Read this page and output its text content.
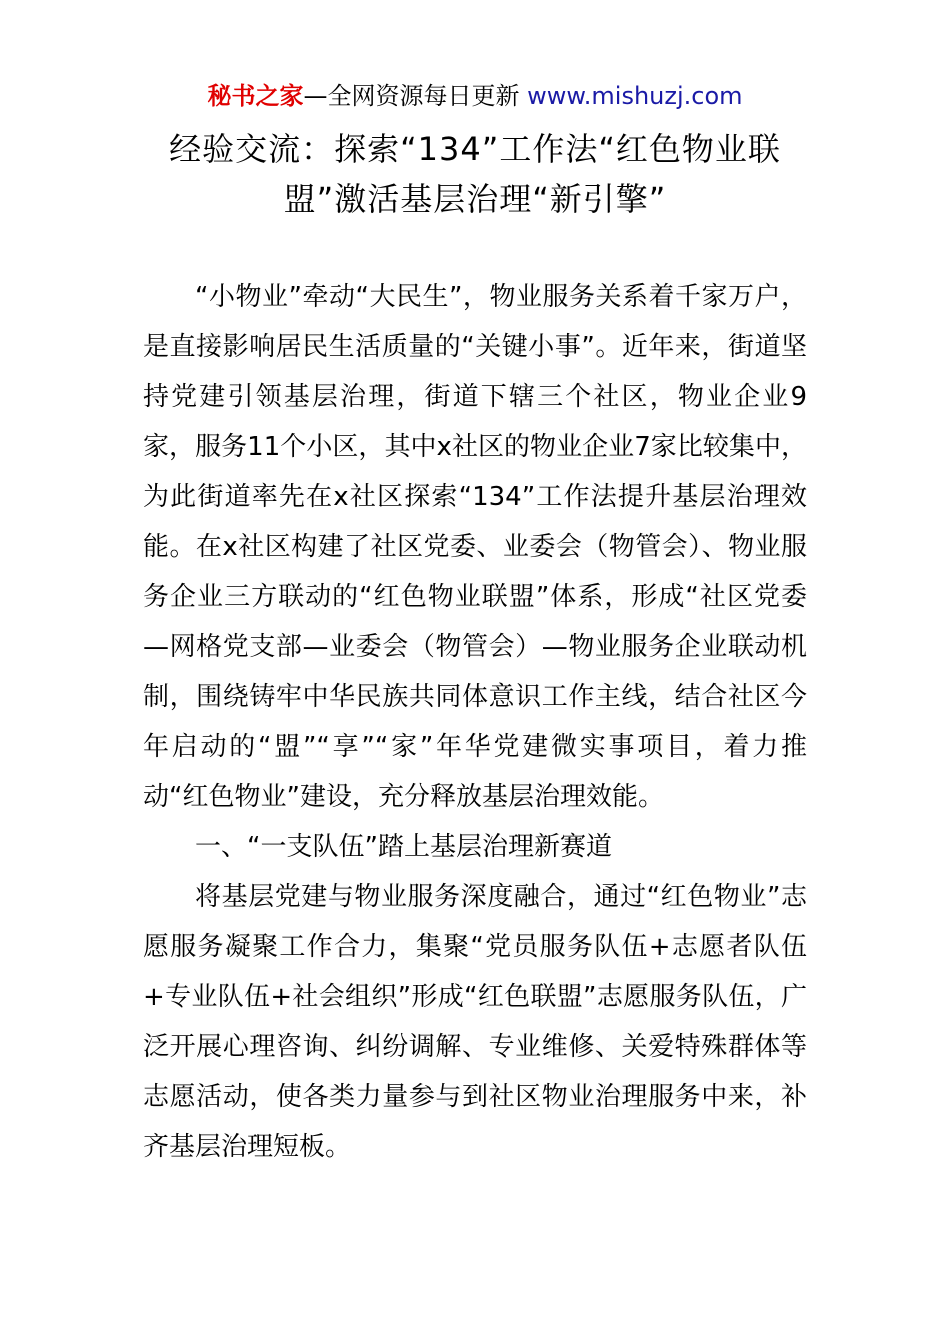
秘书之家—全网资源每日更新 www.mishuzj.com
经验交流：探索“134”工作法“红色物业联
盟”激活基层治理“新引擎”

“小物业”牵动“大民生”，物业服务关系着千家万户，是直接影响居民生活质量的“关键小事”。近年来，街道坚持党建引领基层治理，街道下辖三个社区，物业企业9家，服务11个小区，其中x社区的物业企业7家比较集中，为此街道率先在x社区探索“134”工作法提升基层治理效能。在x社区构建了社区党委、业委会（物管会）、物业服务企业三方联动的“红色物业联盟”体系，形成“社区党委—网格党支部—业委会（物管会）—物业服务企业联动机制，围绕铸牢中华民族共同体意识工作主线，结合社区今年启动的“盟”“享”“家”年华党建微实事项目，着力推动“红色物业”建设，充分释放基层治理效能。

一、“一支队伍”踏上基层治理新赛道

将基层党建与物业服务深度融合，通过“红色物业”志愿服务凝聚工作合力，集聚“党员服务队伍+志愿者队伍+专业队伍+社会组织”形成“红色联盟”志愿服务队伍，广泛开展心理咨询、纠纷调解、专业维修、关爱特殊群体等志愿活动，使各类力量参与到社区物业治理服务中来，补齐基层治理短板。
